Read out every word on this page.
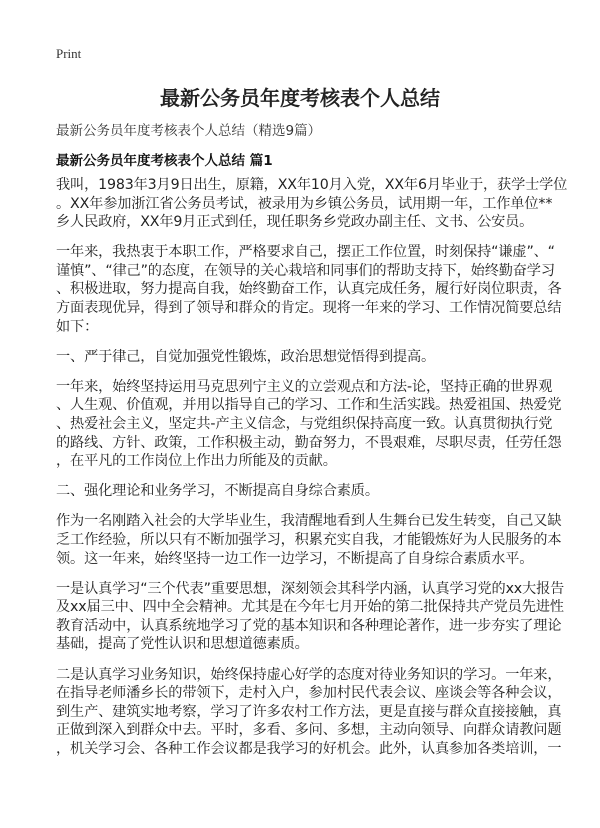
Print
最新公务员年度考核表个人总结
最新公务员年度考核表个人总结（精选9篇）
最新公务员年度考核表个人总结 篇1
我叫，1983年3月9日出生，原籍，XX年10月入党，XX年6月毕业于，获学士学位
。XX年参加浙江省公务员考试，被录用为乡镇公务员，试用期一年，工作单位**
乡人民政府，XX年9月正式到任，现任职务乡党政办副主任、文书、公安员。
一年来，我热衷于本职工作，严格要求自己，摆正工作位置，时刻保持“谦虚”、“
谨慎”、“律己”的态度，在领导的关心栽培和同事们的帮助支持下，始终勤奋学习
、积极进取，努力提高自我，始终勤奋工作，认真完成任务，履行好岗位职责，各
方面表现优异，得到了领导和群众的肯定。现将一年来的学习、工作情况简要总结
如下：
一、严于律己，自觉加强党性锻炼，政治思想觉悟得到提高。
一年来，始终坚持运用马克思列宁主义的立尝观点和方法-论，坚持正确的世界观
、人生观、价值观，并用以指导自己的学习、工作和生活实践。热爱祖国、热爱党
、热爱社会主义，坚定共-产主义信念，与党组织保持高度一致。认真贯彻执行党
的路线、方针、政策，工作积极主动，勤奋努力，不畏艰难，尽职尽责，任劳任怨
，在平凡的工作岗位上作出力所能及的贡献。
二、强化理论和业务学习，不断提高自身综合素质。
作为一名刚踏入社会的大学毕业生，我清醒地看到人生舞台已发生转变，自己又缺
乏工作经验，所以只有不断加强学习，积累充实自我，才能锻炼好为人民服务的本
领。这一年来，始终坚持一边工作一边学习，不断提高了自身综合素质水平。
一是认真学习“三个代表”重要思想，深刻领会其科学内涵，认真学习党的xx大报告
及xx届三中、四中全会精神。尤其是在今年七月开始的第二批保持共产党员先进性
教育活动中，认真系统地学习了党的基本知识和各种理论著作，进一步夯实了理论
基础，提高了党性认识和思想道德素质。
二是认真学习业务知识，始终保持虚心好学的态度对待业务知识的学习。一年来，
在指导老师潘乡长的带领下，走村入户，参加村民代表会议、座谈会等各种会议，
到生产、建筑实地考察，学习了许多农村工作方法，更是直接与群众直接接触，真
正做到深入到群众中去。平时，多看、多问、多想，主动向领导、向群众请教问题
，机关学习会、各种工作会议都是我学习的好机会。此外，认真参加各类培训，一
